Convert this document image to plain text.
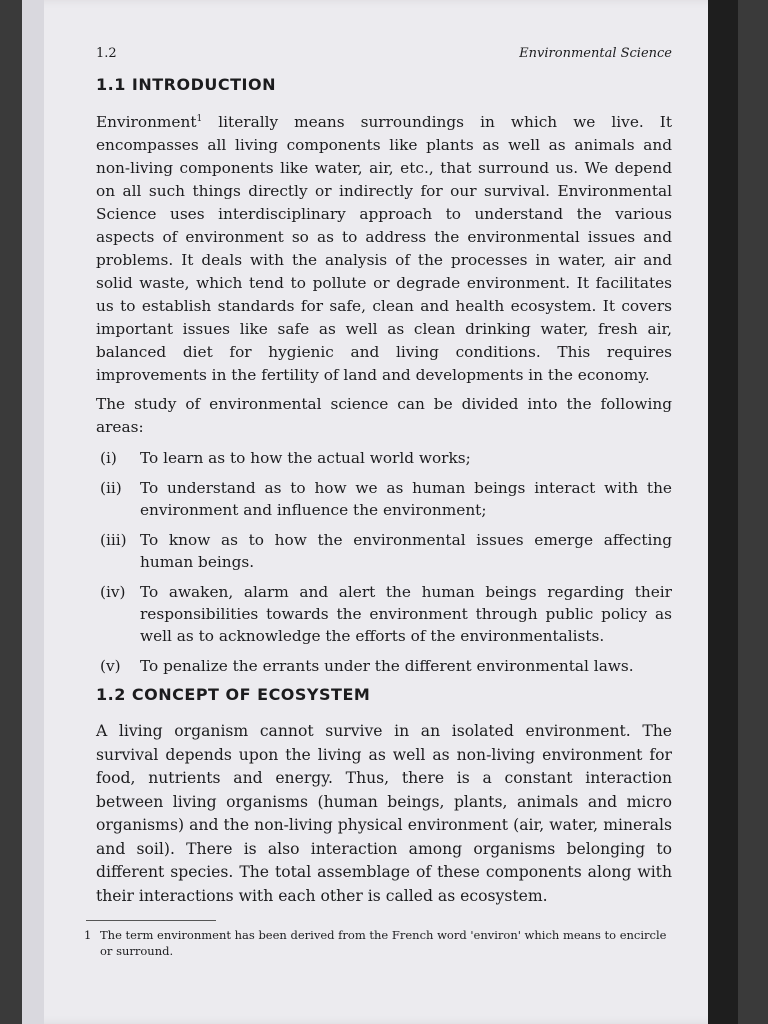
1.2	Environmental Science
1.1 INTRODUCTION

Environment$^1$ literally means surroundings in which we live. It encompasses all living components like plants as well as animals and non-living components like water, air, etc., that surround us. We depend on all such things directly or indirectly for our survival. Environmental Science uses interdisciplinary approach to understand the various aspects of environment so as to address the environmental issues and problems. It deals with the analysis of the processes in water, air and solid waste, which tend to pollute or degrade environment. It facilitates us to establish standards for safe, clean and health ecosystem. It covers important issues like safe as well as clean drinking water, fresh air, balanced diet for hygienic and living conditions. This requires improvements in the fertility of land and developments in the economy.

The study of environmental science can be divided into the following areas:

(i)	To learn as to how the actual world works;
(ii)	To understand as to how we as human beings interact with the environment and influence the environment;
(iii) To know as to how the environmental issues emerge affecting human beings.
(iv) To awaken, alarm and alert the human beings regarding their responsibilities towards the environment through public policy as well as to acknowledge the efforts of the environmentalists.
(v)	To penalize the errants under the different environmental laws.
1.2 CONCEPT OF ECOSYSTEM

A living organism cannot survive in an isolated environment. The survival depends upon the living as well as non-living environment for food, nutrients and energy. Thus, there is a constant interaction between living organisms (human beings, plants, animals and micro organisms) and the non-living physical environment (air, water, minerals and soil). There is also interaction among organisms belonging to different species. The total assemblage of these components along with their interactions with each other is called as ecosystem.

1 The term environment has been derived from the French word 'environ' which means to encircle or surround.
